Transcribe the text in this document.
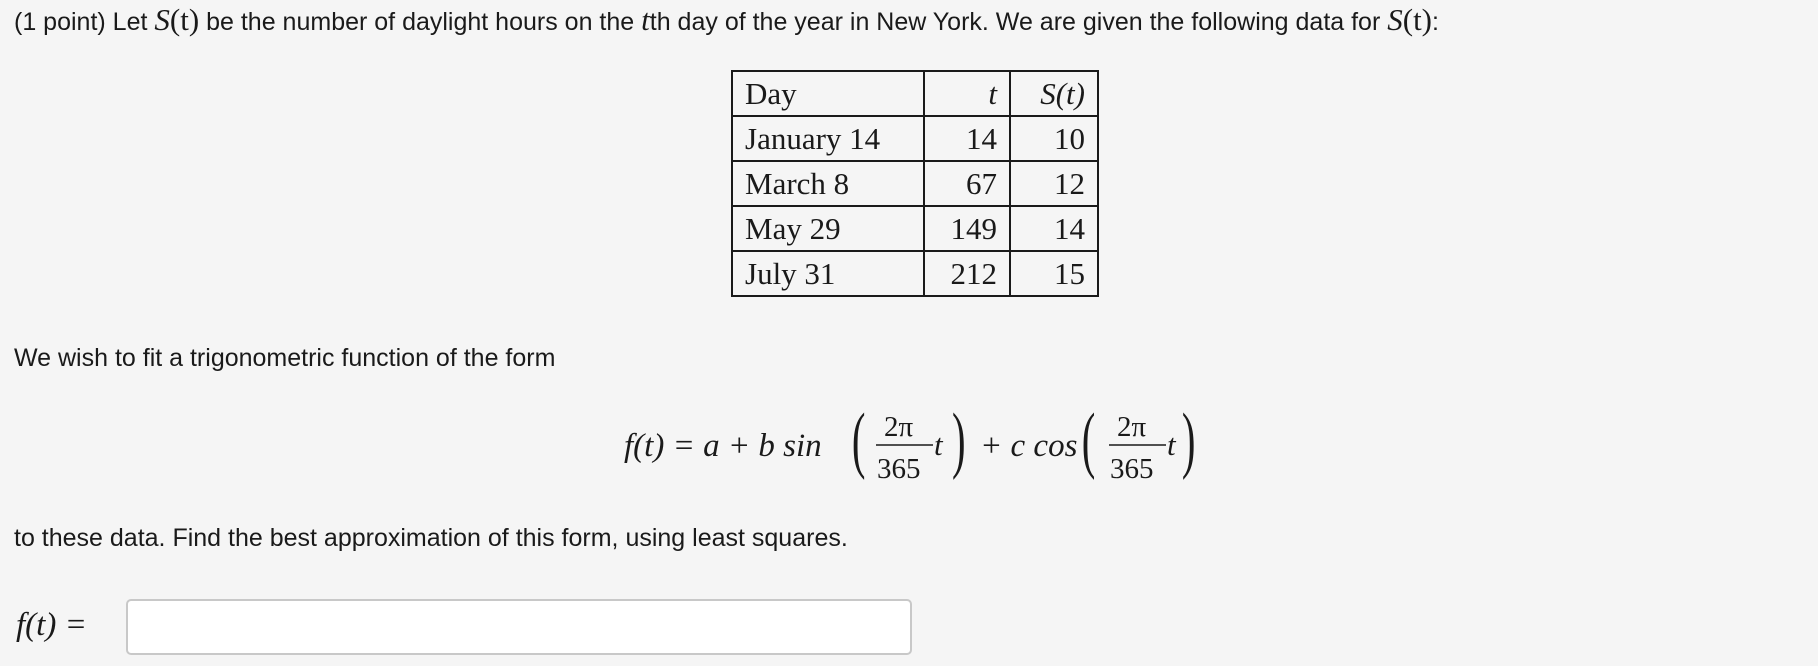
(1 point) Let S(t) be the number of daylight hours on the tth day of the year in New York. We are given the following data for S(t):
Day	t	S(t)
January 14	14	10
March 8	67	12
May 29	149	14
July 31	212	15
We wish to fit a trigonometric function of the form
f(t) = a + b sin ( 2π
365
t ) + c cos ( 2π
365
t )
to these data. Find the best approximation of this form, using least squares.
f(t) =
